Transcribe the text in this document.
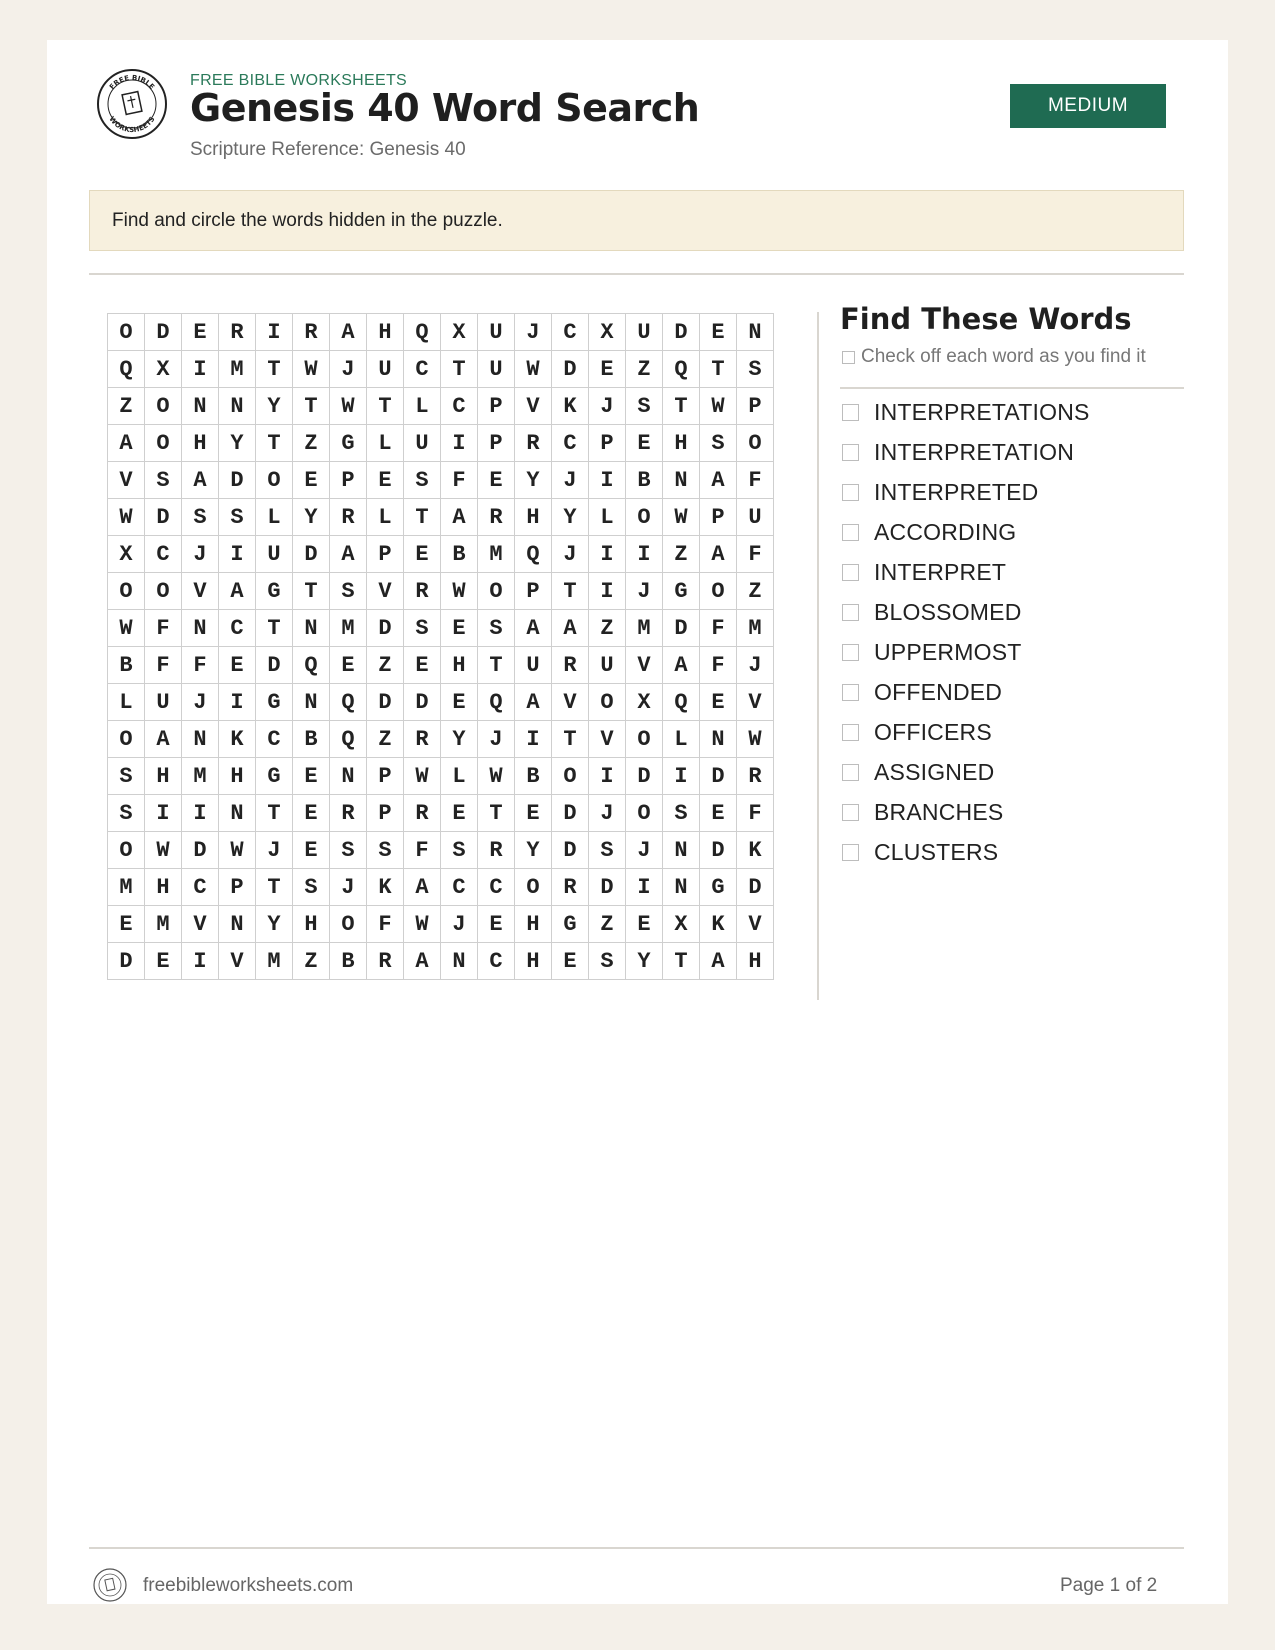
FREE BIBLE
WORKSHEETS
FREE BIBLE WORKSHEETS
Genesis 40 Word Search
Scripture Reference: Genesis 40
MEDIUM
Find and circle the words hidden in the puzzle.
O	D	E	R	I	R	A	H	Q	X	U	J	C	X	U	D	E	N
Q	X	I	M	T	W	J	U	C	T	U	W	D	E	Z	Q	T	S
Z	O	N	N	Y	T	W	T	L	C	P	V	K	J	S	T	W	P
A	O	H	Y	T	Z	G	L	U	I	P	R	C	P	E	H	S	O
V	S	A	D	O	E	P	E	S	F	E	Y	J	I	B	N	A	F
W	D	S	S	L	Y	R	L	T	A	R	H	Y	L	O	W	P	U
X	C	J	I	U	D	A	P	E	B	M	Q	J	I	I	Z	A	F
O	O	V	A	G	T	S	V	R	W	O	P	T	I	J	G	O	Z
W	F	N	C	T	N	M	D	S	E	S	A	A	Z	M	D	F	M
B	F	F	E	D	Q	E	Z	E	H	T	U	R	U	V	A	F	J
L	U	J	I	G	N	Q	D	D	E	Q	A	V	O	X	Q	E	V
O	A	N	K	C	B	Q	Z	R	Y	J	I	T	V	O	L	N	W
S	H	M	H	G	E	N	P	W	L	W	B	O	I	D	I	D	R
S	I	I	N	T	E	R	P	R	E	T	E	D	J	O	S	E	F
O	W	D	W	J	E	S	S	F	S	R	Y	D	S	J	N	D	K
M	H	C	P	T	S	J	K	A	C	C	O	R	D	I	N	G	D
E	M	V	N	Y	H	O	F	W	J	E	H	G	Z	E	X	K	V
D	E	I	V	M	Z	B	R	A	N	C	H	E	S	Y	T	A	H
Find These Words
Check off each word as you find it
INTERPRETATIONS
INTERPRETATION
INTERPRETED
ACCORDING
INTERPRET
BLOSSOMED
UPPERMOST
OFFENDED
OFFICERS
ASSIGNED
BRANCHES
CLUSTERS
freebibleworksheets.com	Page 1 of 2
